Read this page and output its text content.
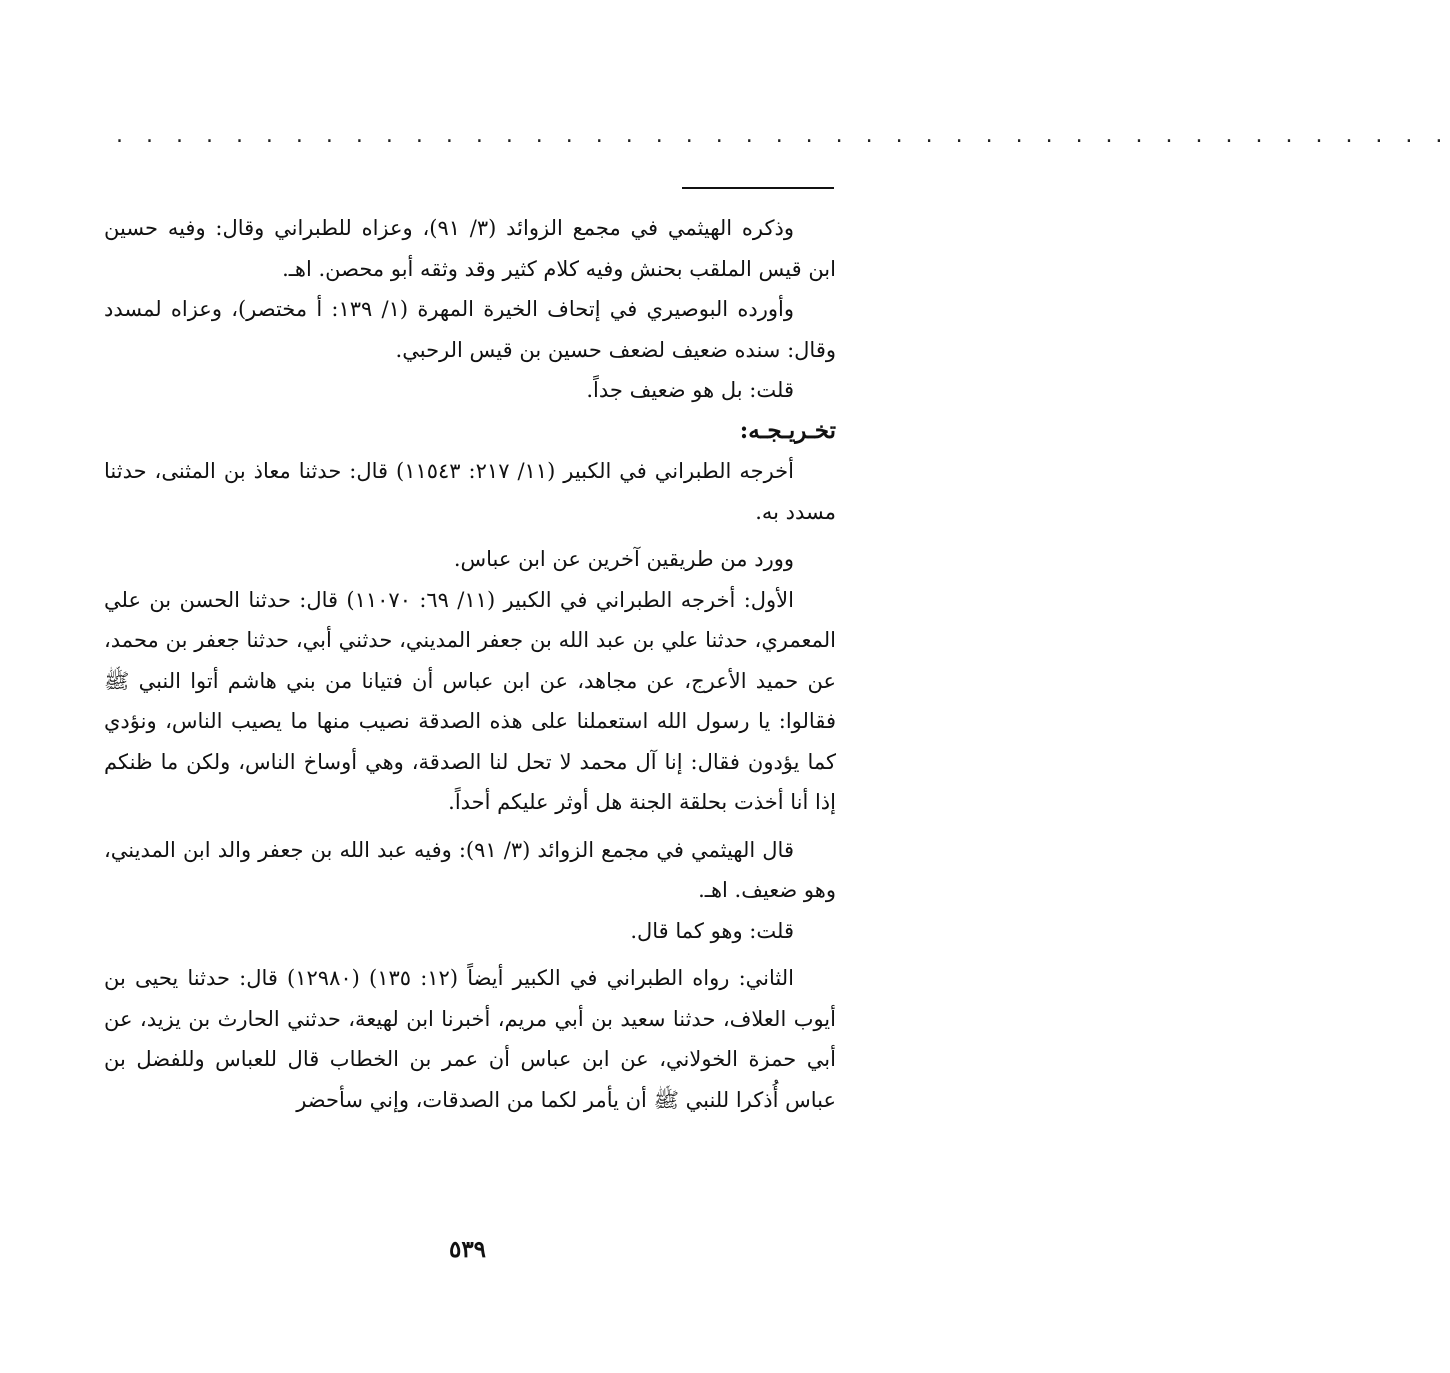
. . . . . . . . . . . . . . . . . . . . . . . . . . . . . . . . . . . . . . . . . . . . .

وذكره الهيثمي في مجمع الزوائد (٣/ ٩١)، وعزاه للطبراني وقال: وفيه حسين ابن قيس الملقب بحنش وفيه كلام كثير وقد وثقه أبو محصن. اهـ.

وأورده البوصيري في إتحاف الخيرة المهرة (١/ ١٣٩: أ مختصر)، وعزاه لمسدد وقال: سنده ضعيف لضعف حسين بن قيس الرحبي.

قلت: بل هو ضعيف جداً.

تخـريـجـه:

أخرجه الطبراني في الكبير (١١/ ٢١٧: ١١٥٤٣) قال: حدثنا معاذ بن المثنى، حدثنا مسدد به.

وورد من طريقين آخرين عن ابن عباس.

الأول: أخرجه الطبراني في الكبير (١١/ ٦٩: ١١٠٧٠) قال: حدثنا الحسن بن علي المعمري، حدثنا علي بن عبد الله بن جعفر المديني، حدثني أبي، حدثنا جعفر بن محمد، عن حميد الأعرج، عن مجاهد، عن ابن عباس أن فتيانا من بني هاشم أتوا النبي ﷺ فقالوا: يا رسول الله استعملنا على هذه الصدقة نصيب منها ما يصيب الناس، ونؤدي كما يؤدون فقال: إنا آل محمد لا تحل لنا الصدقة، وهي أوساخ الناس، ولكن ما ظنكم إذا أنا أخذت بحلقة الجنة هل أوثر عليكم أحداً.

قال الهيثمي في مجمع الزوائد (٣/ ٩١): وفيه عبد الله بن جعفر والد ابن المديني، وهو ضعيف. اهـ.

قلت: وهو كما قال.

الثاني: رواه الطبراني في الكبير أيضاً (١٢: ١٣٥) (١٢٩٨٠) قال: حدثنا يحيى بن أيوب العلاف، حدثنا سعيد بن أبي مريم، أخبرنا ابن لهيعة، حدثني الحارث بن يزيد، عن أبي حمزة الخولاني، عن ابن عباس أن عمر بن الخطاب قال للعباس وللفضل بن عباس أُذكرا للنبي ﷺ أن يأمر لكما من الصدقات، وإني سأحضر

٥٣٩
